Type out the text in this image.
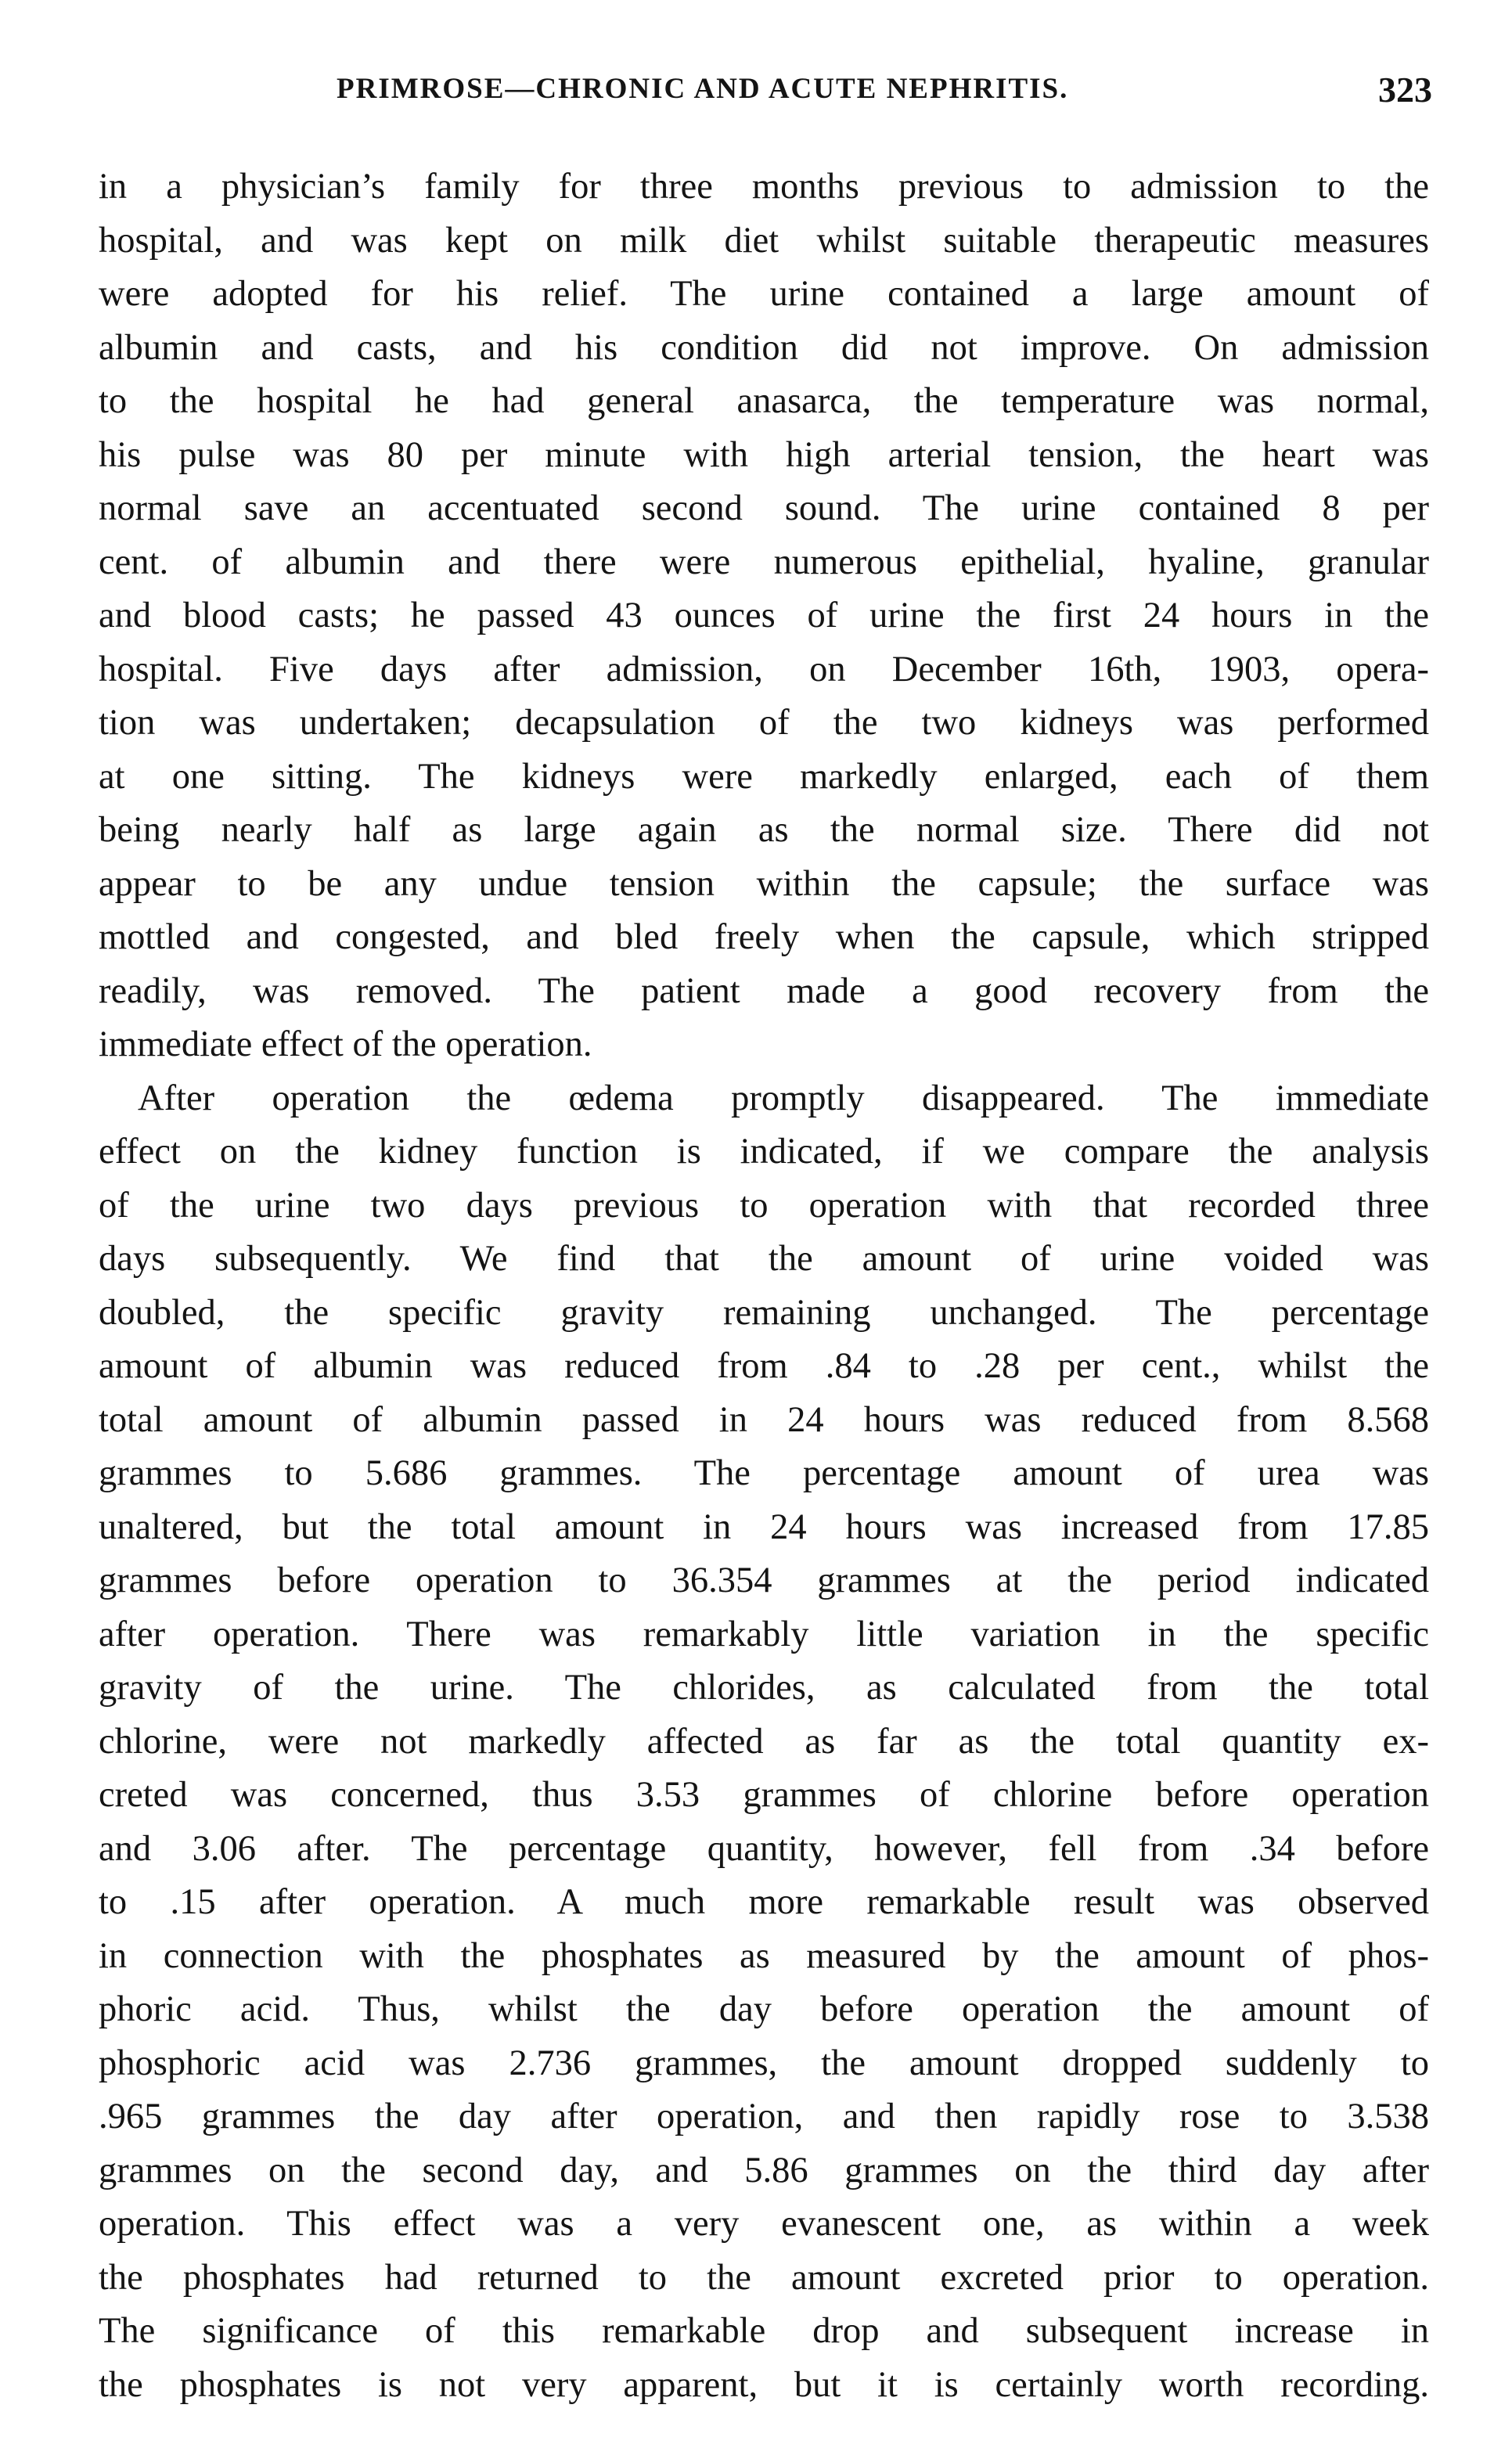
PRIMROSE—CHRONIC AND ACUTE NEPHRITIS.	323
in a physician’s family for three months previous to admission to the
hospital, and was kept on milk diet whilst suitable therapeutic measures
were adopted for his relief. The urine contained a large amount of
albumin and casts, and his condition did not improve. On admission
to the hospital he had general anasarca, the temperature was normal,
his pulse was 80 per minute with high arterial tension, the heart was
normal save an accentuated second sound. The urine contained 8 per
cent. of albumin and there were numerous epithelial, hyaline, granular
and blood casts; he passed 43 ounces of urine the first 24 hours in the
hospital. Five days after admission, on December 16th, 1903, opera-
tion was undertaken; decapsulation of the two kidneys was performed
at one sitting. The kidneys were markedly enlarged, each of them
being nearly half as large again as the normal size. There did not
appear to be any undue tension within the capsule; the surface was
mottled and congested, and bled freely when the capsule, which stripped
readily, was removed. The patient made a good recovery from the
immediate effect of the operation.
After operation the œdema promptly disappeared. The immediate
effect on the kidney function is indicated, if we compare the analysis
of the urine two days previous to operation with that recorded three
days subsequently. We find that the amount of urine voided was
doubled, the specific gravity remaining unchanged. The percentage
amount of albumin was reduced from .84 to .28 per cent., whilst the
total amount of albumin passed in 24 hours was reduced from 8.568
grammes to 5.686 grammes. The percentage amount of urea was
unaltered, but the total amount in 24 hours was increased from 17.85
grammes before operation to 36.354 grammes at the period indicated
after operation. There was remarkably little variation in the specific
gravity of the urine. The chlorides, as calculated from the total
chlorine, were not markedly affected as far as the total quantity ex-
creted was concerned, thus 3.53 grammes of chlorine before operation
and 3.06 after. The percentage quantity, however, fell from .34 before
to .15 after operation. A much more remarkable result was observed
in connection with the phosphates as measured by the amount of phos-
phoric acid. Thus, whilst the day before operation the amount of
phosphoric acid was 2.736 grammes, the amount dropped suddenly to
.965 grammes the day after operation, and then rapidly rose to 3.538
grammes on the second day, and 5.86 grammes on the third day after
operation. This effect was a very evanescent one, as within a week
the phosphates had returned to the amount excreted prior to operation.
The significance of this remarkable drop and subsequent increase in
the phosphates is not very apparent, but it is certainly worth recording.
